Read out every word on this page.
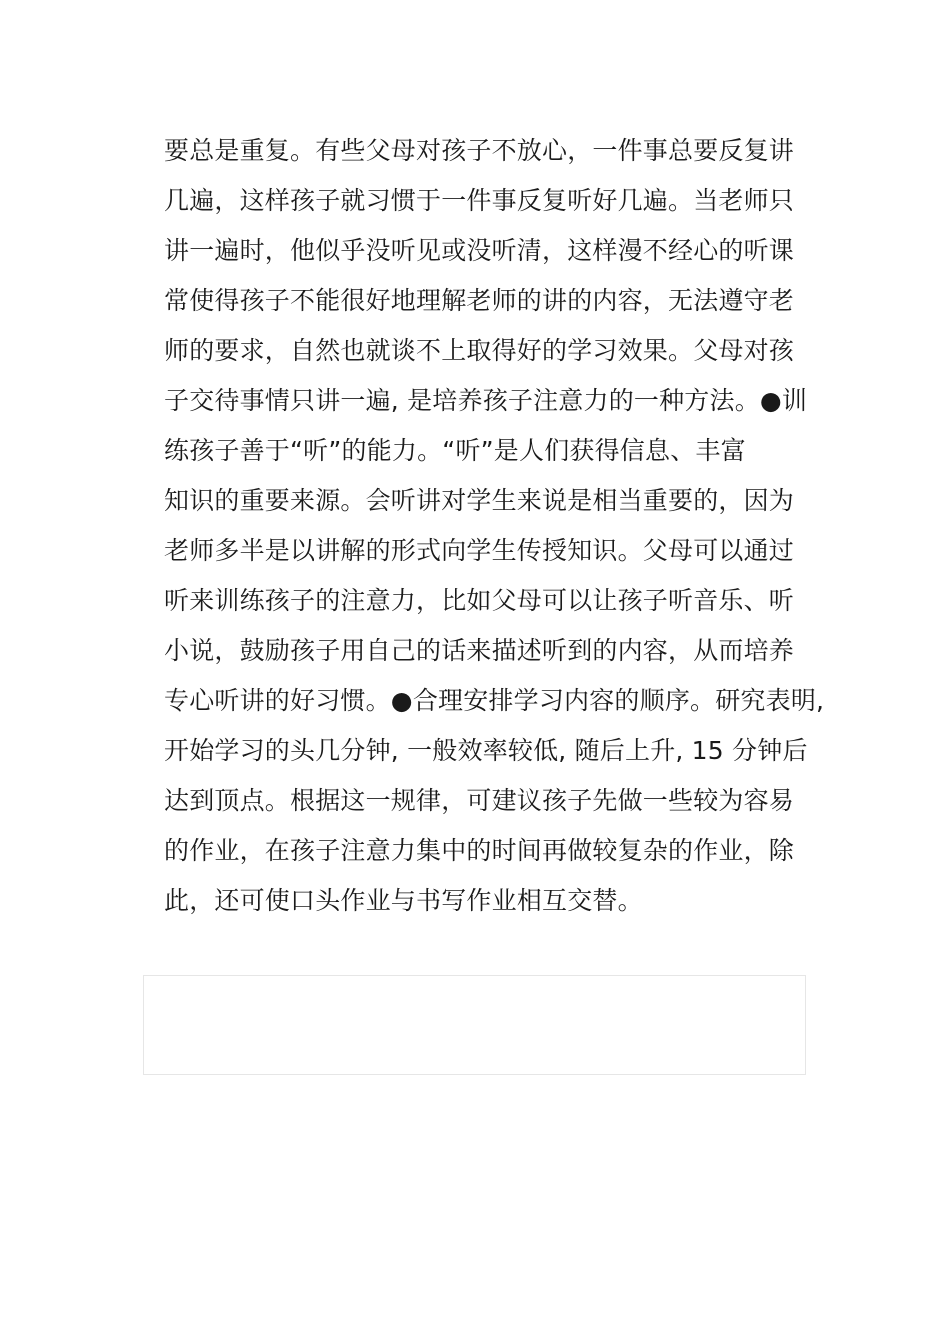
要总是重复。有些父母对孩子不放心，一件事总要反复讲
几遍，这样孩子就习惯于一件事反复听好几遍。当老师只
讲一遍时，他似乎没听见或没听清，这样漫不经心的听课
常使得孩子不能很好地理解老师的讲的内容，无法遵守老
师的要求，自然也就谈不上取得好的学习效果。父母对孩
子交待事情只讲一遍, 是培养孩子注意力的一种方法。●训
练孩子善于“听”的能力。“听”是人们获得信息、丰富
知识的重要来源。会听讲对学生来说是相当重要的，因为
老师多半是以讲解的形式向学生传授知识。父母可以通过
听来训练孩子的注意力，比如父母可以让孩子听音乐、听
小说，鼓励孩子用自己的话来描述听到的内容，从而培养
专心听讲的好习惯。●合理安排学习内容的顺序。研究表明,
开始学习的头几分钟, 一般效率较低, 随后上升, 15 分钟后
达到顶点。根据这一规律，可建议孩子先做一些较为容易
的作业，在孩子注意力集中的时间再做较复杂的作业，除
此，还可使口头作业与书写作业相互交替。
